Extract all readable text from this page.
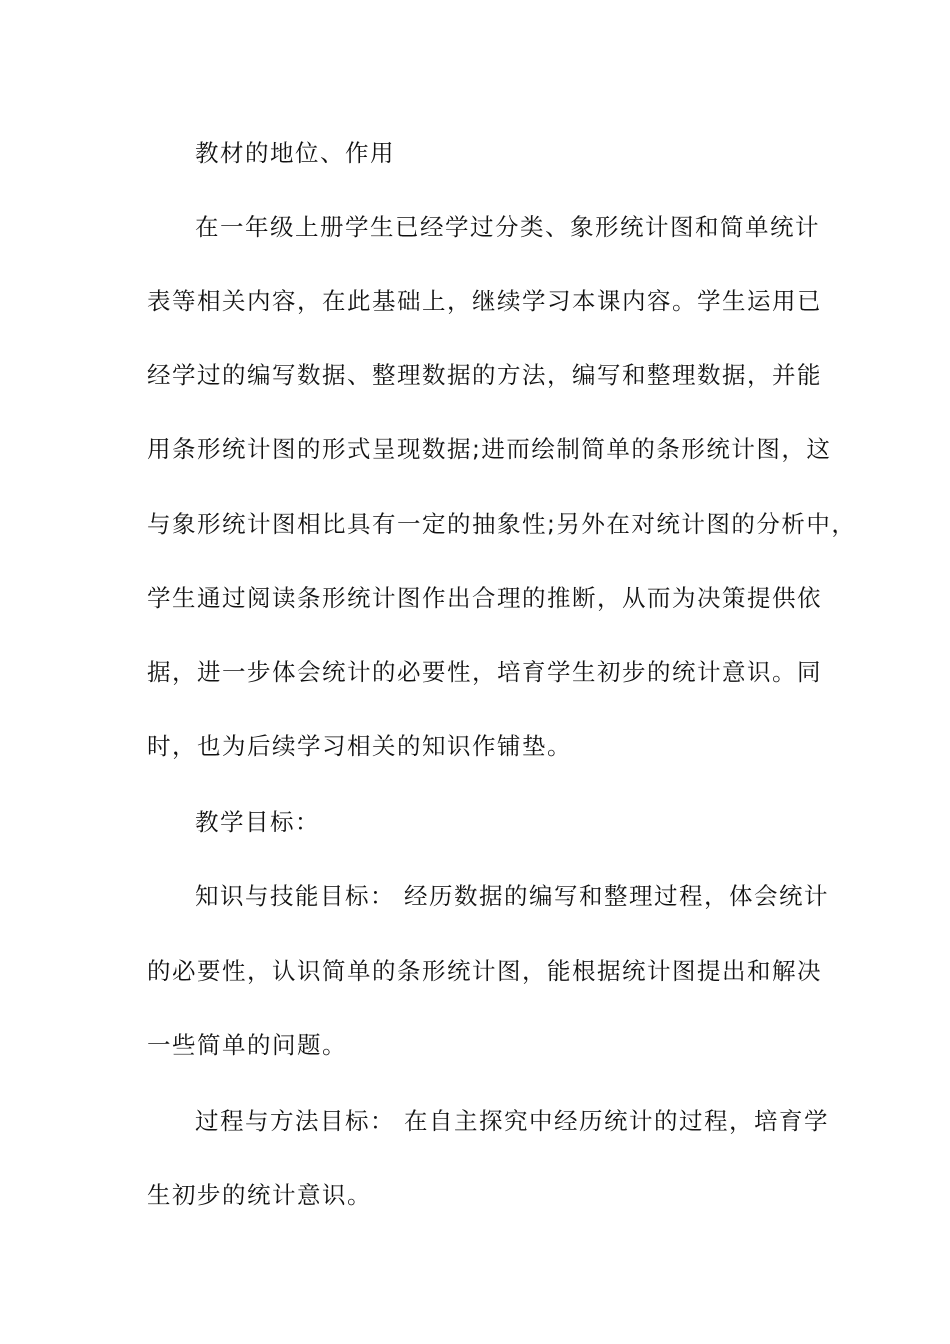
教材的地位、作用
在一年级上册学生已经学过分类、象形统计图和简单统计
表等相关内容，在此基础上，继续学习本课内容。学生运用已
经学过的编写数据、整理数据的方法，编写和整理数据，并能
用条形统计图的形式呈现数据;进而绘制简单的条形统计图，这
与象形统计图相比具有一定的抽象性;另外在对统计图的分析中，
学生通过阅读条形统计图作出合理的推断，从而为决策提供依
据，进一步体会统计的必要性，培育学生初步的统计意识。同
时，也为后续学习相关的知识作铺垫。
教学目标：
知识与技能目标： 经历数据的编写和整理过程，体会统计
的必要性，认识简单的条形统计图，能根据统计图提出和解决
一些简单的问题。
过程与方法目标： 在自主探究中经历统计的过程，培育学
生初步的统计意识。
